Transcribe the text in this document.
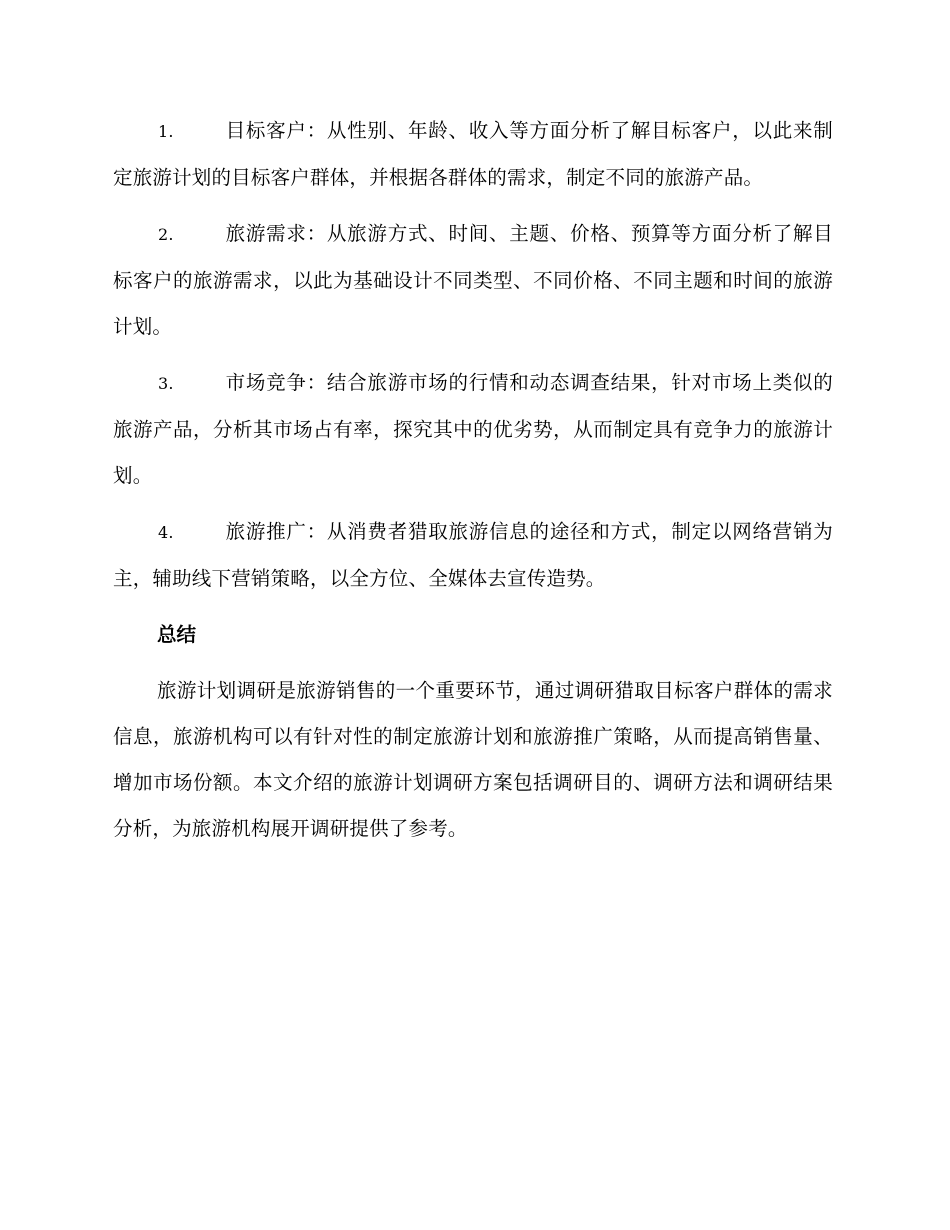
1.	目标客户：从性别、年龄、收入等方面分析了解目标客户，以此来制定旅游计划的目标客户群体，并根据各群体的需求，制定不同的旅游产品。

2.	旅游需求：从旅游方式、时间、主题、价格、预算等方面分析了解目标客户的旅游需求，以此为基础设计不同类型、不同价格、不同主题和时间的旅游计划。

3.	市场竞争：结合旅游市场的行情和动态调查结果，针对市场上类似的旅游产品，分析其市场占有率，探究其中的优劣势，从而制定具有竞争力的旅游计划。

4.	旅游推广：从消费者猎取旅游信息的途径和方式，制定以网络营销为主，辅助线下营销策略，以全方位、全媒体去宣传造势。

总结

旅游计划调研是旅游销售的一个重要环节，通过调研猎取目标客户群体的需求信息，旅游机构可以有针对性的制定旅游计划和旅游推广策略，从而提高销售量、增加市场份额。本文介绍的旅游计划调研方案包括调研目的、调研方法和调研结果分析，为旅游机构展开调研提供了参考。
